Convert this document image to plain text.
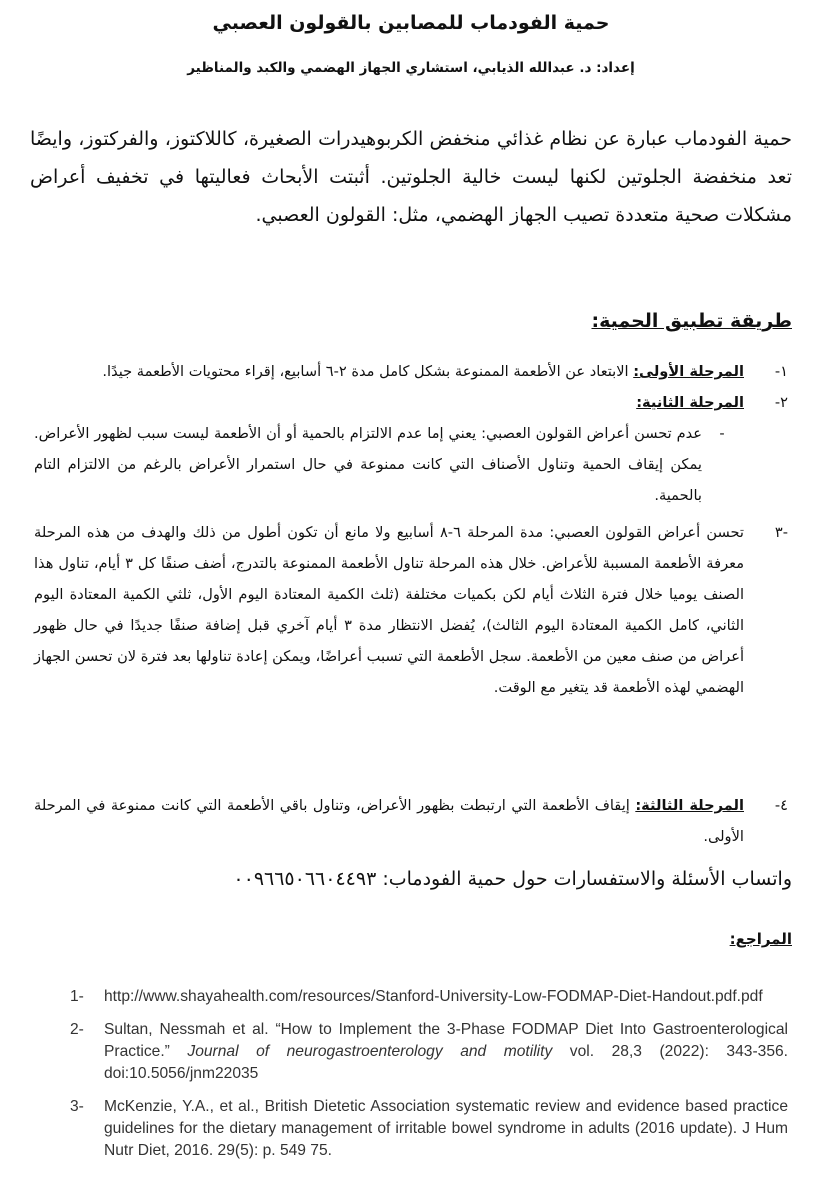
حمية الفودماب للمصابين بالقولون العصبي
إعداد: د. عبدالله الذيابي، استشاري الجهاز الهضمي والكبد والمناظير

حمية الفودماب عبارة عن نظام غذائي منخفض الكربوهيدرات الصغيرة، كاللاكتوز، والفركتوز، وايضًا تعد منخفضة الجلوتين لكنها ليست خالية الجلوتين. أثبتت الأبحاث فعاليتها في تخفيف أعراض مشكلات صحية متعددة تصيب الجهاز الهضمي، مثل: القولون العصبي.

طريقة تطبيق الحمية:
١-
المرحلة الأولى: الابتعاد عن الأطعمة الممنوعة بشكل كامل مدة ٢-٦ أسابيع، إقراء محتويات الأطعمة جيدًا.
٢-
المرحلة الثانية:
-
عدم تحسن أعراض القولون العصبي: يعني إما عدم الالتزام بالحمية أو أن الأطعمة ليست سبب لظهور الأعراض. يمكن إيقاف الحمية وتناول الأصناف التي كانت ممنوعة في حال استمرار الأعراض بالرغم من الالتزام التام بالحمية.
-٣
تحسن أعراض القولون العصبي: مدة المرحلة ٦-٨ أسابيع ولا مانع أن تكون أطول من ذلك والهدف من هذه المرحلة معرفة الأطعمة المسببة للأعراض. خلال هذه المرحلة تناول الأطعمة الممنوعة بالتدرج، أضف صنفًا كل ٣ أيام، تناول هذا الصنف يوميا خلال فترة الثلاث أيام لكن بكميات مختلفة (ثلث الكمية المعتادة اليوم الأول، ثلثي الكمية المعتادة اليوم الثاني، كامل الكمية المعتادة اليوم الثالث)، يُفضل الانتظار مدة ٣ أيام آخري قبل إضافة صنفًا جديدًا في حال ظهور أعراض من صنف معين من الأطعمة. سجل الأطعمة التي تسبب أعراضًا، ويمكن إعادة تناولها بعد فترة لان تحسن الجهاز الهضمي لهذه الأطعمة قد يتغير مع الوقت.
٤-
المرحلة الثالثة: إيقاف الأطعمة التي ارتبطت بظهور الأعراض، وتناول باقي الأطعمة التي كانت ممنوعة في المرحلة الأولى.

واتساب الأسئلة والاستفسارات حول حمية الفودماب: ٠٠٩٦٦٥٠٦٦٠٤٤٩٣

المراجع:
1-	http://www.shayahealth.com/resources/Stanford-University-Low-FODMAP-Diet-Handout.pdf.pdf
2-	Sultan, Nessmah et al. “How to Implement the 3-Phase FODMAP Diet Into Gastroenterological Practice.” Journal of neurogastroenterology and motility vol. 28,3 (2022): 343-356. doi:10.5056/jnm22035
3-	McKenzie, Y.A., et al., British Dietetic Association systematic review and evidence based practice guidelines for the dietary management of irritable bowel syndrome in adults (2016 update). J Hum Nutr Diet, 2016. 29(5): p. 549 75.
